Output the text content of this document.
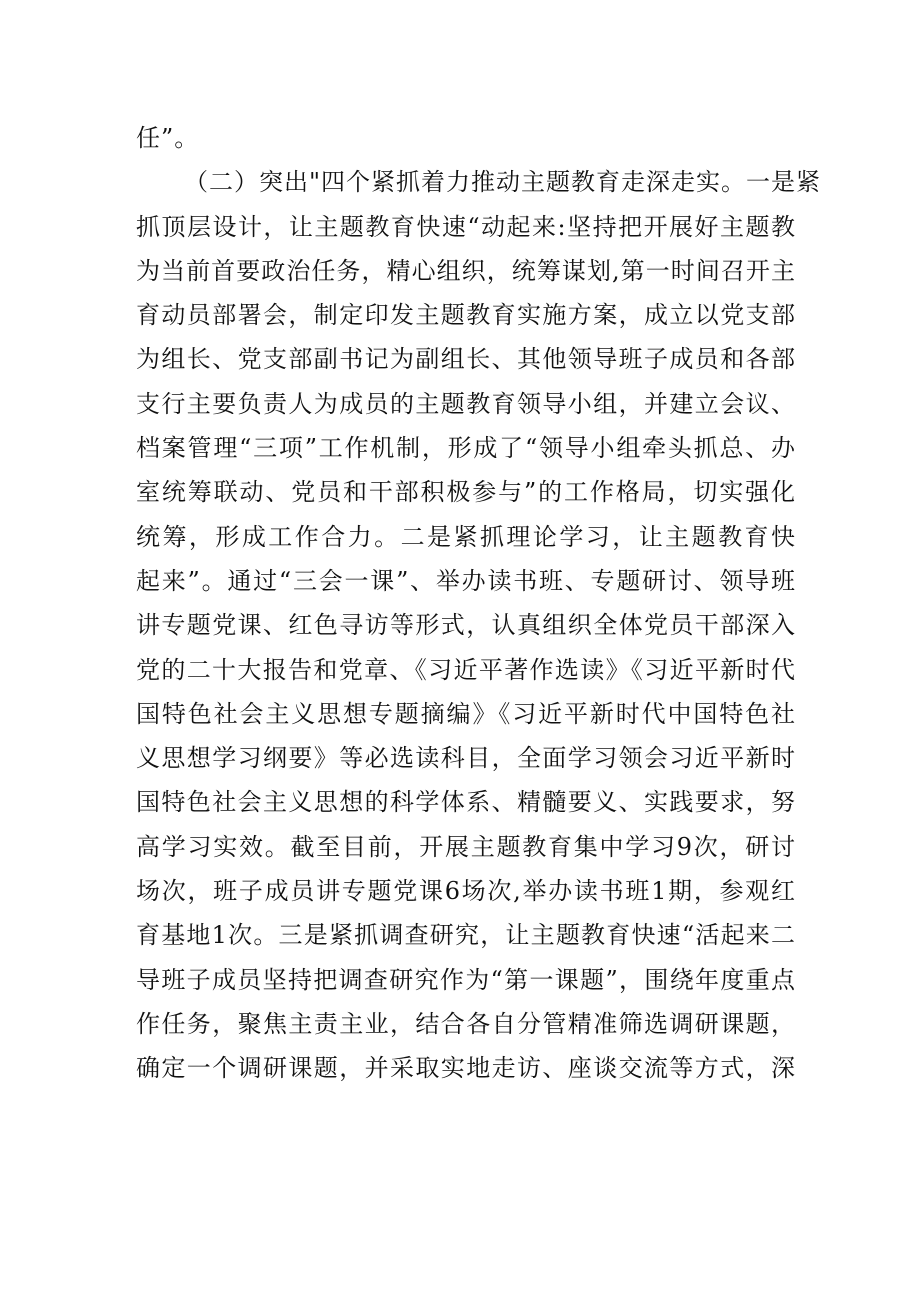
任”。
（二）突出"四个紧抓着力推动主题教育走深走实。一是紧
抓顶层设计，让主题教育快速“动起来:坚持把开展好主题教
为当前首要政治任务，精心组织，统筹谋划,第一时间召开主
育动员部署会，制定印发主题教育实施方案，成立以党支部
为组长、党支部副书记为副组长、其他领导班子成员和各部
支行主要负责人为成员的主题教育领导小组，并建立会议、
档案管理“三项”工作机制，形成了“领导小组牵头抓总、办
室统筹联动、党员和干部积极参与”的工作格局，切实强化
统筹，形成工作合力。二是紧抓理论学习，让主题教育快
起来”。通过“三会一课”、举办读书班、专题研讨、领导班
讲专题党课、红色寻访等形式，认真组织全体党员干部深入
党的二十大报告和党章、《习近平著作选读》《习近平新时代
国特色社会主义思想专题摘编》《习近平新时代中国特色社
义思想学习纲要》等必选读科目，全面学习领会习近平新时
国特色社会主义思想的科学体系、精髓要义、实践要求，努
高学习实效。截至目前，开展主题教育集中学习9次，研讨
场次，班子成员讲专题党课6场次,举办读书班1期，参观红
育基地1次。三是紧抓调查研究，让主题教育快速“活起来二
导班子成员坚持把调查研究作为“第一课题”，围绕年度重点
作任务，聚焦主责主业，结合各自分管精准筛选调研课题，
确定一个调研课题，并采取实地走访、座谈交流等方式，深
